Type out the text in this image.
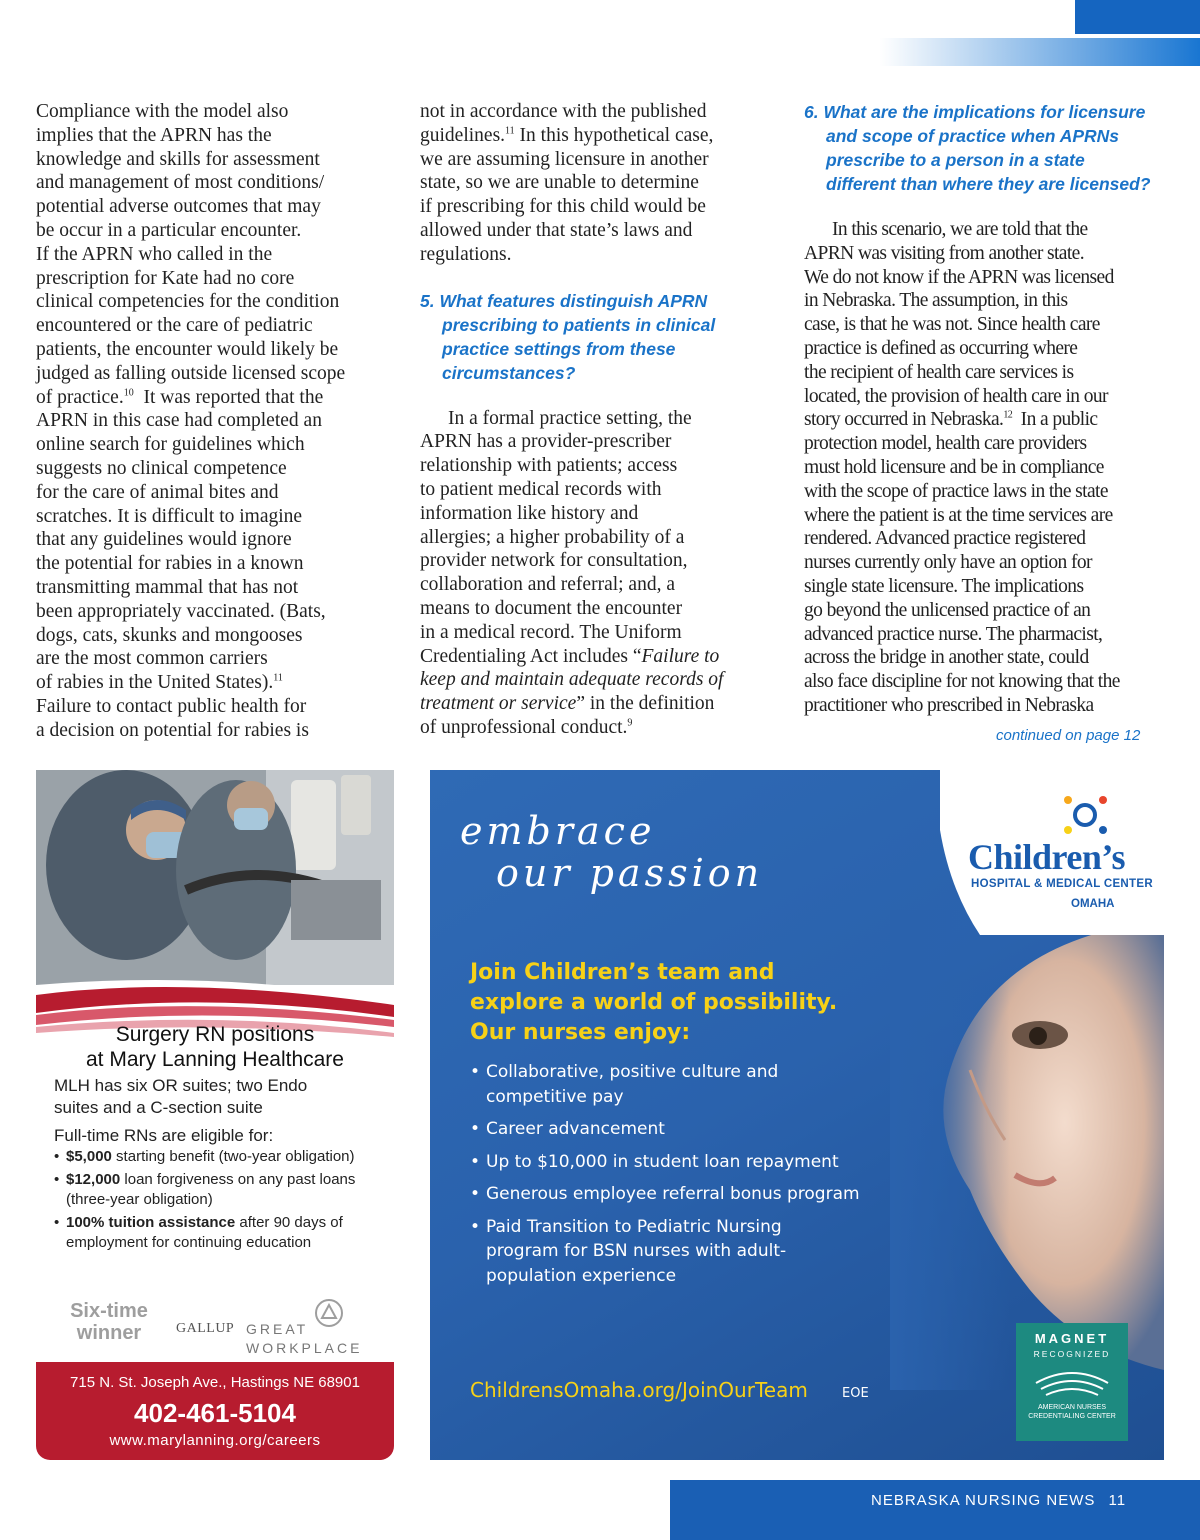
Compliance with the model also
implies that the APRN has the
knowledge and skills for assessment
and management of most conditions/
potential adverse outcomes that may
be occur in a particular encounter.
If the APRN who called in the
prescription for Kate had no core
clinical competencies for the condition
encountered or the care of pediatric
patients, the encounter would likely be
judged as falling outside licensed scope
of practice.$^{10}$  It was reported that the
APRN in this case had completed an
online search for guidelines which
suggests no clinical competence
for the care of animal bites and
scratches. It is difficult to imagine
that any guidelines would ignore
the potential for rabies in a known
transmitting mammal that has not
been appropriately vaccinated. (Bats,
dogs, cats, skunks and mongooses
are the most common carriers
of rabies in the United States).$^{11}$
Failure to contact public health for
a decision on potential for rabies is

not in accordance with the published
guidelines.$^{11}$ In this hypothetical case,
we are assuming licensure in another
state, so we are unable to determine
if prescribing for this child would be
allowed under that state’s laws and
regulations.

5. What features distinguish APRN
prescribing to patients in clinical
practice settings from these
circumstances?

In a formal practice setting, the
APRN has a provider-prescriber
relationship with patients; access
to patient medical records with
information like history and
allergies; a higher probability of a
provider network for consultation,
collaboration and referral; and, a
means to document the encounter
in a medical record. The Uniform
Credentialing Act includes “Failure to
keep and maintain adequate records of
treatment or service” in the definition
of unprofessional conduct.$^9$

6. What are the implications for licensure
and scope of practice when APRNs
prescribe to a person in a state
different than where they are licensed?

In this scenario, we are told that the
APRN was visiting from another state.
We do not know if the APRN was licensed
in Nebraska. The assumption, in this
case, is that he was not. Since health care
practice is defined as occurring where
the recipient of health care services is
located, the provision of health care in our
story occurred in Nebraska.$^{12}$  In a public
protection model, health care providers
must hold licensure and be in compliance
with the scope of practice laws in the state
where the patient is at the time services are
rendered. Advanced practice registered
nurses currently only have an option for
single state licensure. The implications
go beyond the unlicensed practice of an
advanced practice nurse. The pharmacist,
across the bridge in another state, could
also face discipline for not knowing that the
practitioner who prescribed in Nebraska

continued on page 12
Surgery RN positions
at Mary Lanning Healthcare
MLH has six OR suites; two Endo
suites and a C-section suite
Full-time RNs are eligible for:
• $5,000 starting benefit (two-year obligation)
• $12,000 loan forgiveness on any past loans (three-year obligation)
• 100% tuition assistance after 90 days of employment for continuing education
Six-time
winner	GALLUP GREAT
WORKPLACE
715 N. St. Joseph Ave., Hastings NE 68901
402-461-5104
www.marylanning.org/careers
embrace
our passion	Children’s
HOSPITAL & MEDICAL CENTER
OMAHA
Join Children’s team and
explore a world of possibility.
Our nurses enjoy:
• Collaborative, positive culture and competitive pay
• Career advancement
• Up to $10,000 in student loan repayment
• Generous employee referral bonus program
• Paid Transition to Pediatric Nursing program for BSN nurses with adult-population experience
ChildrensOmaha.org/JoinOurTeam	EOE
MAGNET
RECOGNIZED
AMERICAN NURSES
CREDENTIALING CENTER
NEBRASKA NURSING NEWS 11
